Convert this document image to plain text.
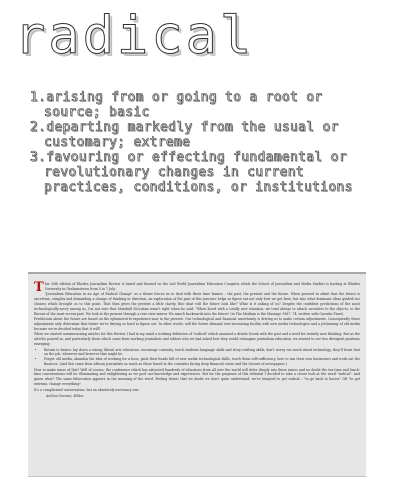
radical
1.arising from or going to a root or source; basic
2.departing markedly from the usual or customary; extreme
3.favouring or effecting fundamental or revolutionary changes in current practices, conditions, or institutions

This 30th edition of Rhodes Journalism Review is based and themed on the 2nd World Journalism Education Congress which the School of Journalism and Media Studies is hosting at Rhodes University in Grahamstown from 5 to 7 July.

"Journalism Education in an Age of Radical Change" as a theme forces us to deal with three time frames – the past, the present and the future. When pressed to admit that the future is uncertain, complex and demanding a change of thinking or direction, an exploration of the past of this juncture helps us figure out not only how we got here, but also what dominant ideas guided our choices which brought us to this point. That then gives the present a little clarity. But what will the future look like? What is it asking of us? Despite the confident predictions of the most technologically-savvy among us, I'm not sure that Marshall McLuhan wasn't right when he said: "When faced with a totally new situation, we tend always to attach ourselves to the objects, to the flavour of the most recent past. We look at the present through a rear view mirror. We march backwards into the future" (in The Medium is the Massage 1967: 74, written with Quentin Fiore).

Predictions about the future are based on the ephemeral-to-experience-now in the present. Our technological and financial uncertainty is driving us to make certain adjustments. Consequently these adjustments only determine that future we're driving so hard to figure out. In other words, will the future demand ever-increasing facility with new media technologies and a jettisoning of old media because we've decided today that it will?

When we started commissioning articles for this Review I had in my mind a working definition of "radical" which assumed a drastic break with the past and a need for entirely new thinking. But as the articles poured in, and particularly those which came from working journalists and editors who we had asked how they would reimagine journalism education, we started to see two divergent positions emerging:

• Return to basics: lay down a strong liberal arts education, encourage curiosity, teach students language skills and story-crafting skills, don't worry too much about technology, they'll learn that on the job, wherever and however that might be.
• Forget old media, abandon the idea of working for a boss, pack their heads full of new media technological skills, teach them self-sufficiency, how to run their own businesses and work out the finances. (And this came from African journalists as much as those based in the countries facing deep financial crises and the closure of newspapers.)

How to make sense of this? Well of course, the conference which has attracted hundreds of educators from all over the world will delve deeply into these issues and no doubt the tea-time and lunch-time conversations will be illuminating and enlightening as we pool our knowledge and experiences. But for the purposes of this editorial I decided to take a closer look at the word "radical". And guess what? The same bifurcation appears in the meaning of the word. Feeling heroic that we doubt we don't quite understand, we've tempted to get radical – "to go back to basics" OR "to get extreme, change everything".

It's a complicated conversation, but an absolutely necessary one.

Anthea Garman, Editor
